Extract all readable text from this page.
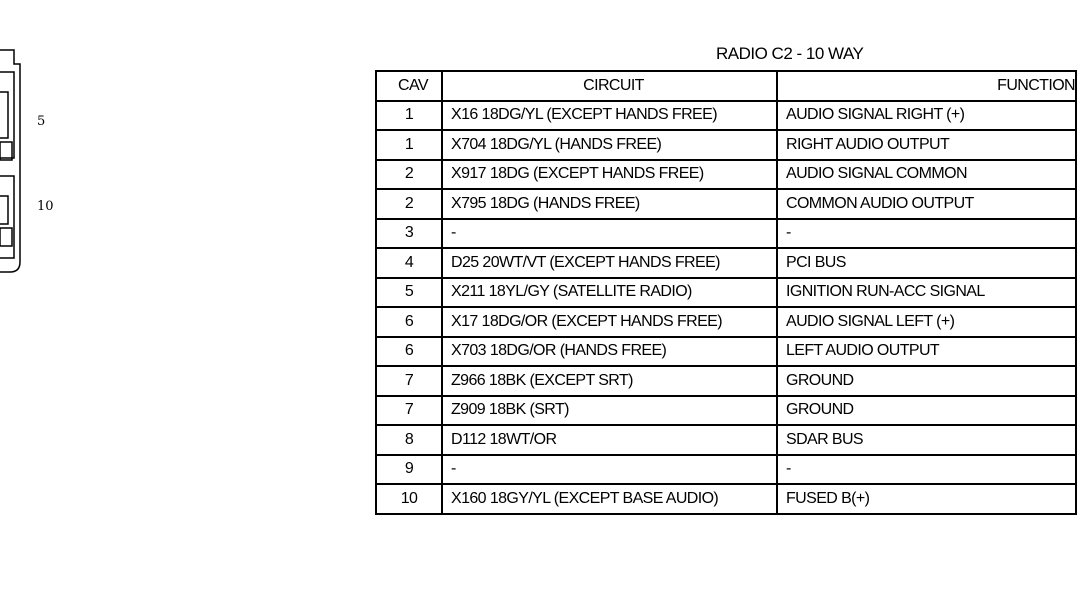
5
10
RADIO C2 - 10 WAY
CAV	CIRCUIT	FUNCTION
1	X16 18DG/YL (EXCEPT HANDS FREE)	AUDIO SIGNAL RIGHT (+)
1	X704 18DG/YL (HANDS FREE)	RIGHT AUDIO OUTPUT
2	X917 18DG (EXCEPT HANDS FREE)	AUDIO SIGNAL COMMON
2	X795 18DG (HANDS FREE)	COMMON AUDIO OUTPUT
3	-	-
4	D25 20WT/VT (EXCEPT HANDS FREE)	PCI BUS
5	X211 18YL/GY (SATELLITE RADIO)	IGNITION RUN-ACC SIGNAL
6	X17 18DG/OR (EXCEPT HANDS FREE)	AUDIO SIGNAL LEFT (+)
6	X703 18DG/OR (HANDS FREE)	LEFT AUDIO OUTPUT
7	Z966 18BK (EXCEPT SRT)	GROUND
7	Z909 18BK (SRT)	GROUND
8	D112 18WT/OR	SDAR BUS
9	-	-
10	X160 18GY/YL (EXCEPT BASE AUDIO)	FUSED B(+)
